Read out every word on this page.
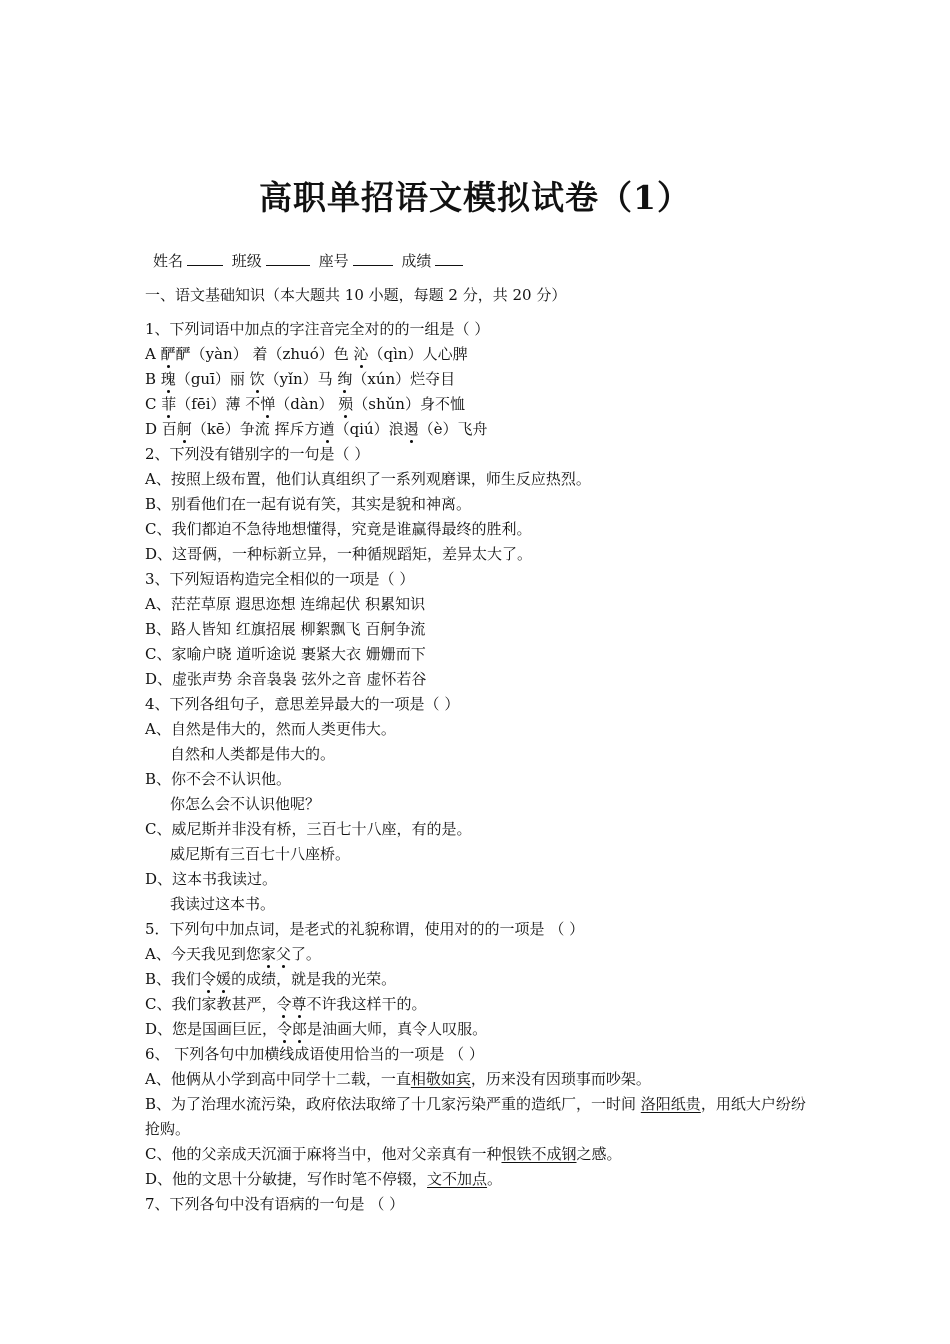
高职单招语文模拟试卷（1）
姓名	班级	座号	成绩
一、语文基础知识（本大题共 10 小题，每题 2 分，共 20 分）
1、下列词语中加点的字注音完全对的的一组是（ ）
A 酽酽（yàn） 着（zhuó）色 沁（qìn）人心脾
B 瑰（guī）丽 饮（yǐn）马 绚（xún）烂夺目
C 菲（fēi）薄 不惮（dàn） 殒（shǔn）身不恤
D 百舸（kē）争流 挥斥方遒（qiú）浪遏（è）飞舟
2、下列没有错别字的一句是（ ）
A、按照上级布置，他们认真组织了一系列观磨课，师生反应热烈。
B、别看他们在一起有说有笑，其实是貌和神离。
C、我们都迫不急待地想懂得，究竟是谁赢得最终的胜利。
D、这哥俩，一种标新立异，一种循规蹈矩，差异太大了。
3、下列短语构造完全相似的一项是（ ）
A、茫茫草原 遐思迩想 连绵起伏 积累知识
B、路人皆知 红旗招展 柳絮飘飞 百舸争流
C、家喻户晓 道听途说 裹紧大衣 姗姗而下
D、虚张声势 余音袅袅 弦外之音 虚怀若谷
4、下列各组句子，意思差异最大的一项是（ ）
A、自然是伟大的，然而人类更伟大。
自然和人类都是伟大的。
B、你不会不认识他。
你怎么会不认识他呢？
C、威尼斯并非没有桥，三百七十八座，有的是。
威尼斯有三百七十八座桥。
D、这本书我读过。
我读过这本书。
5．下列句中加点词，是老式的礼貌称谓，使用对的的一项是 （ ）
A、今天我见到您家父了。
B、我们令媛的成绩，就是我的光荣。
C、我们家教甚严，令尊不许我这样干的。
D、您是国画巨匠，令郎是油画大师，真令人叹服。
6、 下列各句中加横线成语使用恰当的一项是 （ ）
A、他俩从小学到高中同学十二载，一直相敬如宾，历来没有因琐事而吵架。
B、为了治理水流污染，政府依法取缔了十几家污染严重的造纸厂，一时间 洛阳纸贵，用纸大户纷纷抢购。
C、他的父亲成天沉湎于麻将当中，他对父亲真有一种恨铁不成钢之感。
D、他的文思十分敏捷，写作时笔不停辍，文不加点。
7、下列各句中没有语病的一句是 （ ）
